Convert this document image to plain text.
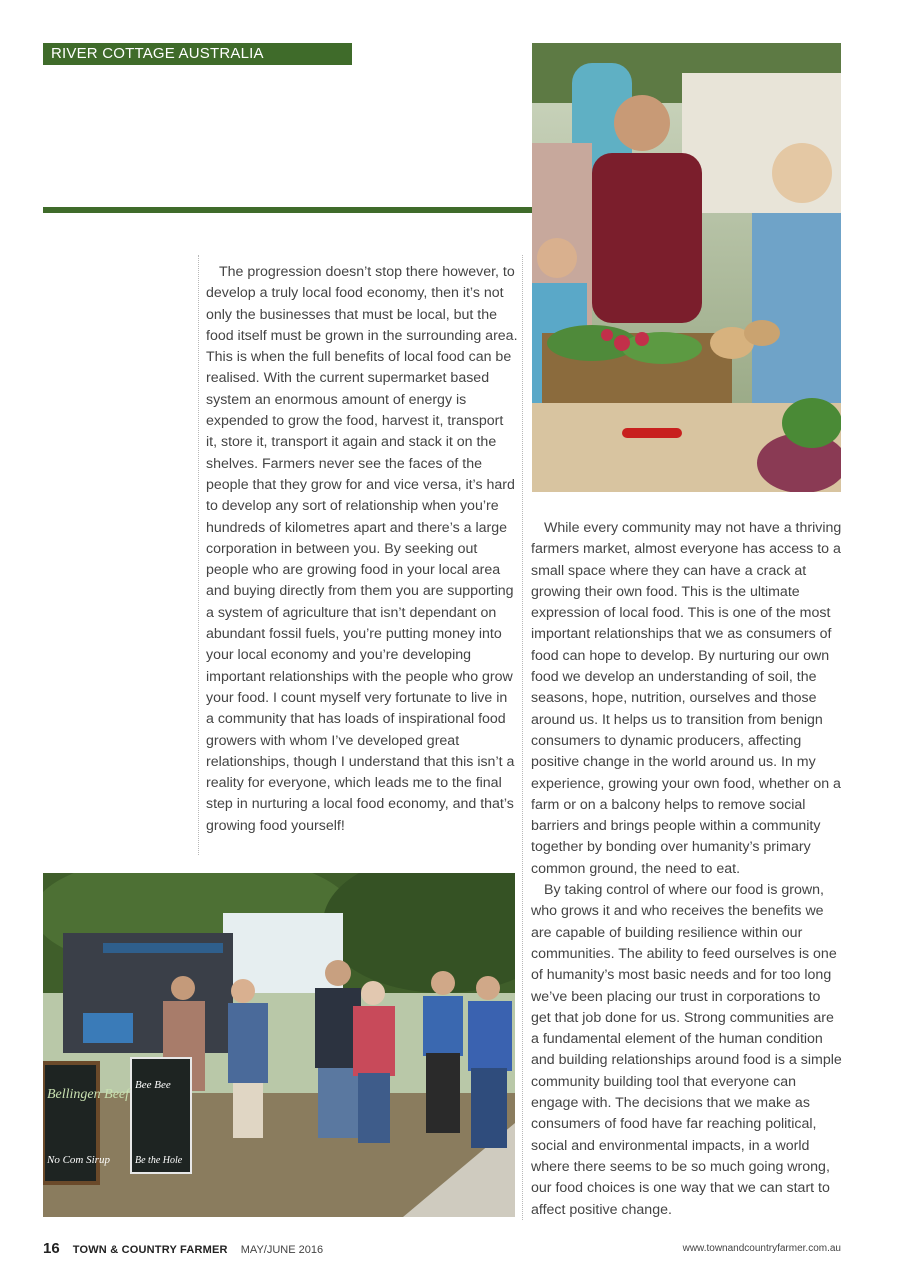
RIVER COTTAGE AUSTRALIA

The progression doesn’t stop there however, to develop a truly local food economy, then it’s not only the businesses that must be local, but the food itself must be grown in the surrounding area. This is when the full benefits of local food can be realised. With the current supermarket based system an enormous amount of energy is expended to grow the food, harvest it, transport it, store it, transport it again and stack it on the shelves. Farmers never see the faces of the people that they grow for and vice versa, it’s hard to develop any sort of relationship when you’re hundreds of kilometres apart and there’s a large corporation in between you. By seeking out people who are growing food in your local area and buying directly from them you are supporting a system of agriculture that isn’t dependant on abundant fossil fuels, you’re putting money into your local economy and you’re developing important relationships with the people who grow your food. I count myself very fortunate to live in a community that has loads of inspirational food growers with whom I’ve developed great relationships, though I understand that this isn’t a reality for everyone, which leads me to the final step in nurturing a local food economy, and that’s growing food yourself!

While every community may not have a thriving farmers market, almost everyone has access to a small space where they can have a crack at growing their own food. This is the ultimate expression of local food. This is one of the most important relationships that we as consumers of food can hope to develop. By nurturing our own food we develop an understanding of soil, the seasons, hope, nutrition, ourselves and those around us. It helps us to transition from benign consumers to dynamic producers, affecting positive change in the world around us. In my experience, growing your own food, whether on a farm or on a balcony helps to remove social barriers and brings people within a community together by bonding over humanity’s primary common ground, the need to eat.

By taking control of where our food is grown, who grows it and who receives the benefits we are capable of building resilience within our communities. The ability to feed ourselves is one of humanity’s most basic needs and for too long we’ve been placing our trust in corporations to get that job done for us. Strong communities are a fundamental element of the human condition and building relationships around food is a simple community building tool that everyone can engage with. The decisions that we make as consumers of food have far reaching political, social and environmental impacts, in a world where there seems to be so much going wrong, our food choices is one way that we can start to affect positive change.

Bellingen Beef
Bee Bee
No Com Sirup	Be the Hole
16 TOWN & COUNTRY FARMER MAY/JUNE 2016	www.townandcountryfarmer.com.au
